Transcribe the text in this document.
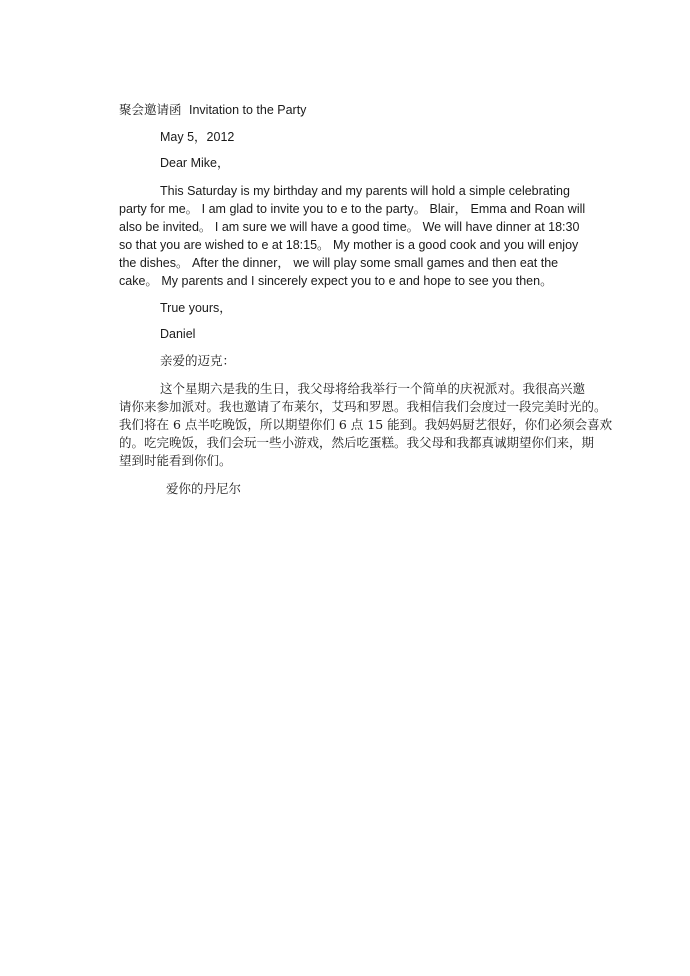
聚会邀请函 Invitation to the Party
May 5，2012
Dear Mike，
This Saturday is my birthday and my parents will hold a simple celebrating
party for me。 I am glad to invite you to e to the party。 Blair， Emma and Roan will
also be invited。 I am sure we will have a good time。 We will have dinner at 18:30
so that you are wished to e at 18:15。 My mother is a good cook and you will enjoy
the dishes。 After the dinner， we will play some small games and then eat the
cake。 My parents and I sincerely expect you to e and hope to see you then。
True yours，
Daniel
亲爱的迈克：
这个星期六是我的生日，我父母将给我举行一个简单的庆祝派对。我很高兴邀
请你来参加派对。我也邀请了布莱尔，艾玛和罗恩。我相信我们会度过一段完美时光的。
我们将在 6 点半吃晚饭，所以期望你们 6 点 15 能到。我妈妈厨艺很好，你们必须会喜欢
的。吃完晚饭，我们会玩一些小游戏，然后吃蛋糕。我父母和我都真诚期望你们来，期
望到时能看到你们。
爱你的丹尼尔
